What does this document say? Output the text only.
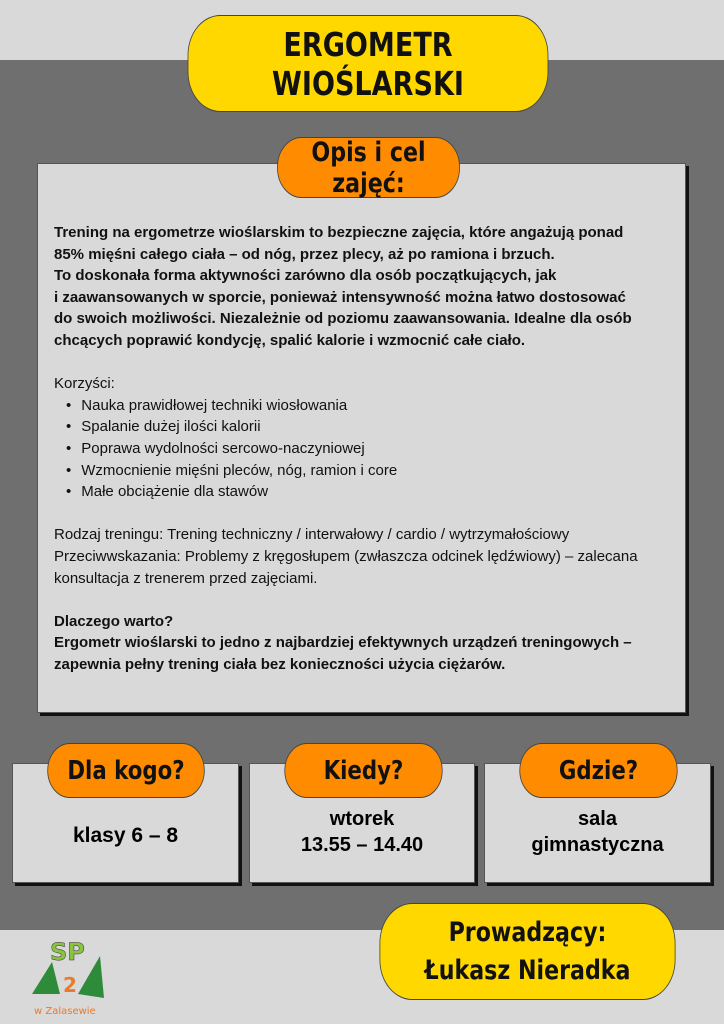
ERGOMETR WIOŚLARSKI
Trening na ergometrze wioślarskim to bezpieczne zajęcia, które angażują ponad
85% mięśni całego ciała – od nóg, przez plecy, aż po ramiona i brzuch.
To doskonała forma aktywności zarówno dla osób początkujących, jak
i zaawansowanych w sporcie, ponieważ intensywność można łatwo dostosować
do swoich możliwości. Niezależnie od poziomu zaawansowania. Idealne dla osób
chcących poprawić kondycję, spalić kalorie i wzmocnić całe ciało.
Korzyści:
• Nauka prawidłowej techniki wiosłowania
• Spalanie dużej ilości kalorii
• Poprawa wydolności sercowo-naczyniowej
• Wzmocnienie mięśni pleców, nóg, ramion i core
• Małe obciążenie dla stawów
Rodzaj treningu: Trening techniczny / interwałowy / cardio / wytrzymałościowy
Przeciwwskazania: Problemy z kręgosłupem (zwłaszcza odcinek lędźwiowy) – zalecana
konsultacja z trenerem przed zajęciami.
Dlaczego warto?
Ergometr wioślarski to jedno z najbardziej efektywnych urządzeń treningowych –
zapewnia pełny trening ciała bez konieczności użycia ciężarów.
Opis i cel zajęć:
klasy 6 – 8
wtorek
13.55 – 14.40
sala
gimnastyczna
Dla kogo?	Kiedy?	Gdzie?
Prowadzący:
Łukasz Nieradka
SP
2
w Zalasewie
